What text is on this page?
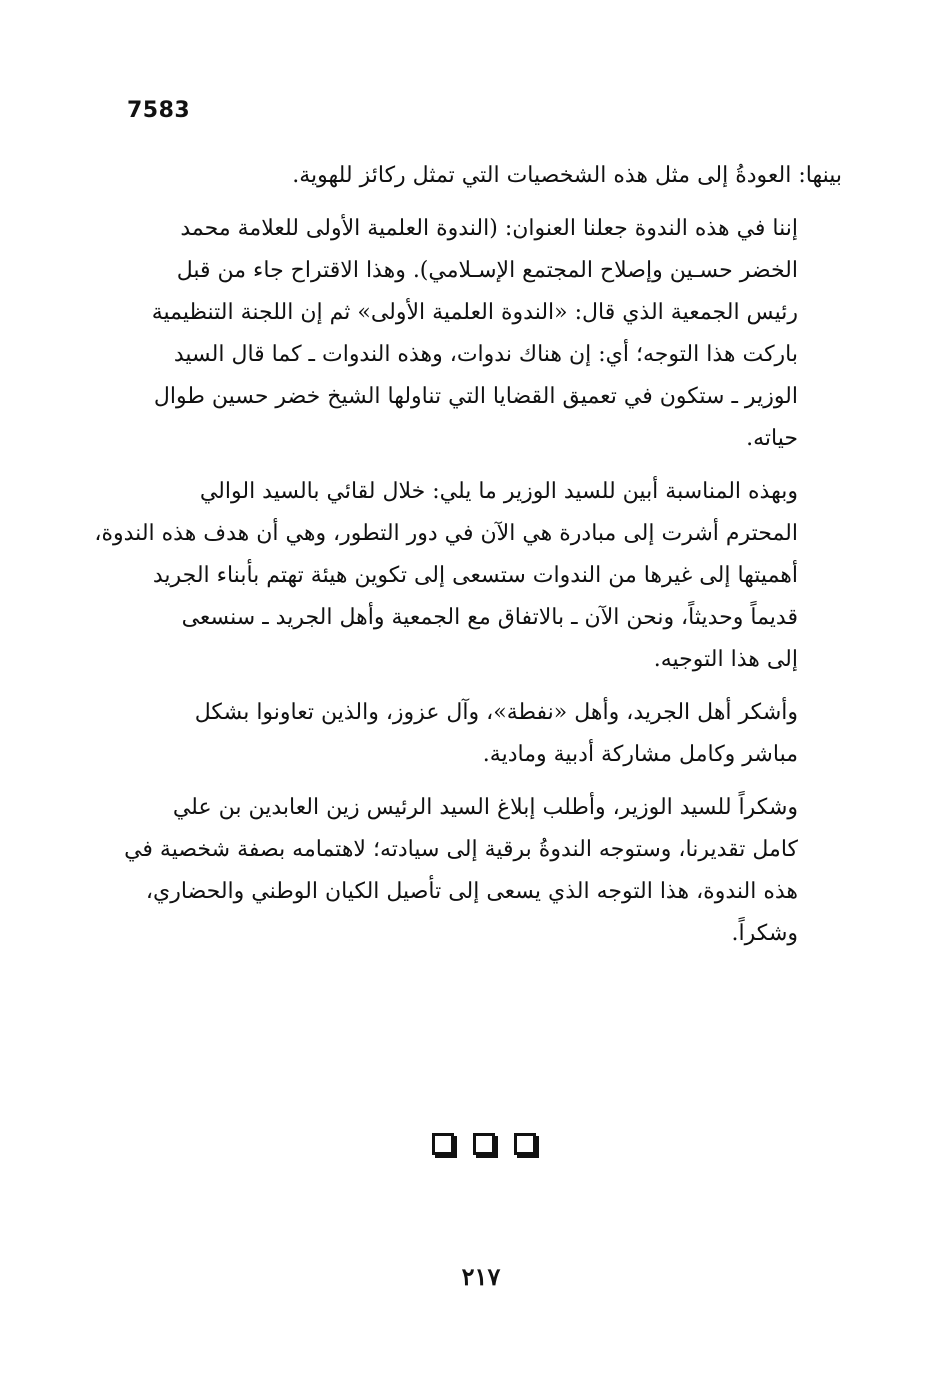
7583

بينها: العودةُ إلى مثل هذه الشخصيات التي تمثل ركائز للهوية.

إننا في هذه الندوة جعلنا العنوان: (الندوة العلمية الأولى للعلامة محمد
الخضر حسـين وإصلاح المجتمع الإسـلامي). وهذا الاقتراح جاء من قبل
رئيس الجمعية الذي قال: «الندوة العلمية الأولى» ثم إن اللجنة التنظيمية
باركت هذا التوجه؛ أي: إن هناك ندوات، وهذه الندوات ـ كما قال السيد
الوزير ـ ستكون في تعميق القضايا التي تناولها الشيخ خضر حسين طوال
حياته.

وبهذه المناسبة أبين للسيد الوزير ما يلي: خلال لقائي بالسيد الوالي
المحترم أشرت إلى مبادرة هي الآن في دور التطور، وهي أن هدف هذه الندوة،
أهميتها إلى غيرها من الندوات ستسعى إلى تكوين هيئة تهتم بأبناء الجريد
قديماً وحديثاً، ونحن الآن ـ بالاتفاق مع الجمعية وأهل الجريد ـ سنسعى
إلى هذا التوجيه.

وأشكر أهل الجريد، وأهل «نفطة»، وآل عزوز، والذين تعاونوا بشكل
مباشر وكامل مشاركة أدبية ومادية.

وشكراً للسيد الوزير، وأطلب إبلاغ السيد الرئيس زين العابدين بن علي
كامل تقديرنا، وستوجه الندوةُ برقية إلى سيادته؛ لاهتمامه بصفة شخصية في
هذه الندوة، هذا التوجه الذي يسعى إلى تأصيل الكيان الوطني والحضاري،
وشكراً.

٢١٧
